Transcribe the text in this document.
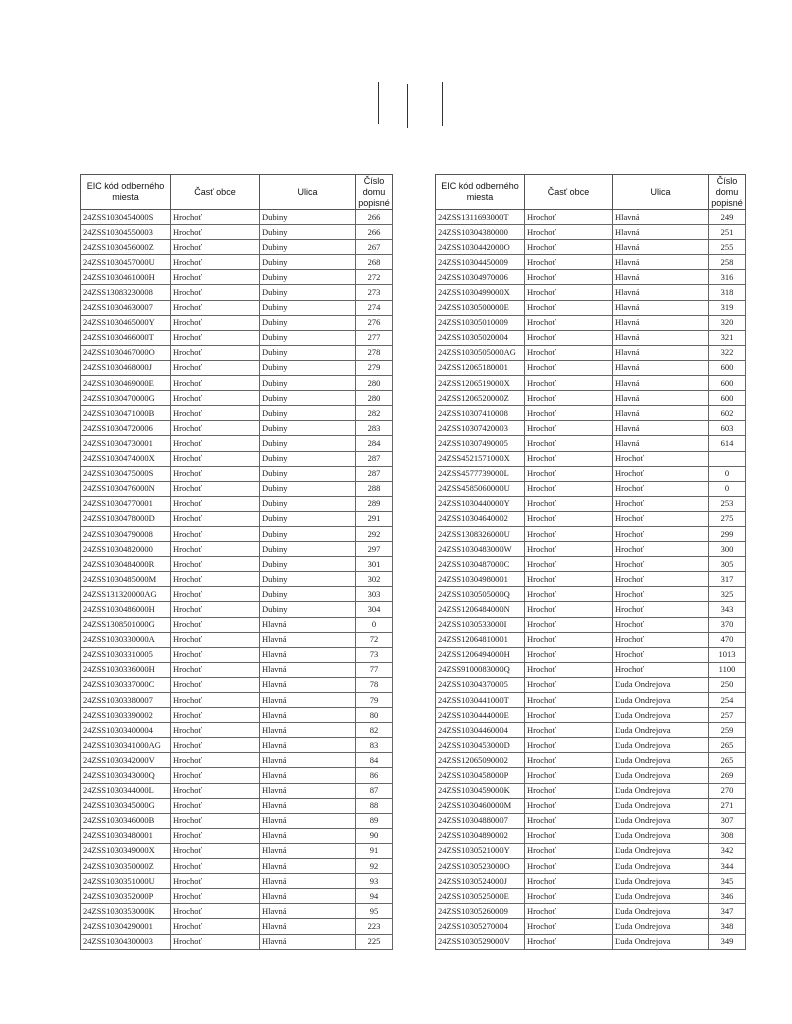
EIC kód odberného miesta	Časť obce	Ulica	Číslo domu popisné
24ZSS1030454000S	Hrochoť	Dubiny	266
24ZSS10304550003	Hrochoť	Dubiny	266
24ZSS1030456000Z	Hrochoť	Dubiny	267
24ZSS1030457000U	Hrochoť	Dubiny	268
24ZSS1030461000H	Hrochoť	Dubiny	272
24ZSS13083230008	Hrochoť	Dubiny	273
24ZSS10304630007	Hrochoť	Dubiny	274
24ZSS1030465000Y	Hrochoť	Dubiny	276
24ZSS1030466000T	Hrochoť	Dubiny	277
24ZSS1030467000O	Hrochoť	Dubiny	278
24ZSS1030468000J	Hrochoť	Dubiny	279
24ZSS1030469000E	Hrochoť	Dubiny	280
24ZSS1030470000G	Hrochoť	Dubiny	280
24ZSS1030471000B	Hrochoť	Dubiny	282
24ZSS10304720006	Hrochoť	Dubiny	283
24ZSS10304730001	Hrochoť	Dubiny	284
24ZSS1030474000X	Hrochoť	Dubiny	287
24ZSS1030475000S	Hrochoť	Dubiny	287
24ZSS1030476000N	Hrochoť	Dubiny	288
24ZSS10304770001	Hrochoť	Dubiny	289
24ZSS1030478000D	Hrochoť	Dubiny	291
24ZSS10304790008	Hrochoť	Dubiny	292
24ZSS10304820000	Hrochoť	Dubiny	297
24ZSS1030484000R	Hrochoť	Dubiny	301
24ZSS1030485000M	Hrochoť	Dubiny	302
24ZSS131320000AG	Hrochoť	Dubiny	303
24ZSS1030486000H	Hrochoť	Dubiny	304
24ZSS1308501000G	Hrochoť	Hlavná	0
24ZSS1030330000A	Hrochoť	Hlavná	72
24ZSS10303310005	Hrochoť	Hlavná	73
24ZSS1030336000H	Hrochoť	Hlavná	77
24ZSS1030337000C	Hrochoť	Hlavná	78
24ZSS10303380007	Hrochoť	Hlavná	79
24ZSS10303390002	Hrochoť	Hlavná	80
24ZSS10303400004	Hrochoť	Hlavná	82
24ZSS1030341000AG	Hrochoť	Hlavná	83
24ZSS1030342000V	Hrochoť	Hlavná	84
24ZSS1030343000Q	Hrochoť	Hlavná	86
24ZSS1030344000L	Hrochoť	Hlavná	87
24ZSS1030345000G	Hrochoť	Hlavná	88
24ZSS1030346000B	Hrochoť	Hlavná	89
24ZSS10303480001	Hrochoť	Hlavná	90
24ZSS1030349000X	Hrochoť	Hlavná	91
24ZSS1030350000Z	Hrochoť	Hlavná	92
24ZSS1030351000U	Hrochoť	Hlavná	93
24ZSS1030352000P	Hrochoť	Hlavná	94
24ZSS1030353000K	Hrochoť	Hlavná	95
24ZSS10304290001	Hrochoť	Hlavná	223
24ZSS10304300003	Hrochoť	Hlavná	225
EIC kód odberného miesta	Časť obce	Ulica	Číslo domu popisné
24ZSS1311693000T	Hrochoť	Hlavná	249
24ZSS10304380000	Hrochoť	Hlavná	251
24ZSS1030442000O	Hrochoť	Hlavná	255
24ZSS10304450009	Hrochoť	Hlavná	258
24ZSS10304970006	Hrochoť	Hlavná	316
24ZSS1030499000X	Hrochoť	Hlavná	318
24ZSS1030500000E	Hrochoť	Hlavná	319
24ZSS10305010009	Hrochoť	Hlavná	320
24ZSS10305020004	Hrochoť	Hlavná	321
24ZSS1030505000AG	Hrochoť	Hlavná	322
24ZSS12065180001	Hrochoť	Hlavná	600
24ZSS1206519000X	Hrochoť	Hlavná	600
24ZSS1206520000Z	Hrochoť	Hlavná	600
24ZSS10307410008	Hrochoť	Hlavná	602
24ZSS10307420003	Hrochoť	Hlavná	603
24ZSS10307490005	Hrochoť	Hlavná	614
24ZSS4521571000X	Hrochoť	Hrochoť	
24ZSS4577739000L	Hrochoť	Hrochoť	0
24ZSS4585060000U	Hrochoť	Hrochoť	0
24ZSS1030440000Y	Hrochoť	Hrochoť	253
24ZSS10304640002	Hrochoť	Hrochoť	275
24ZSS1308326000U	Hrochoť	Hrochoť	299
24ZSS1030483000W	Hrochoť	Hrochoť	300
24ZSS1030487000C	Hrochoť	Hrochoť	305
24ZSS10304980001	Hrochoť	Hrochoť	317
24ZSS1030505000Q	Hrochoť	Hrochoť	325
24ZSS1206484000N	Hrochoť	Hrochoť	343
24ZSS1030533000I	Hrochoť	Hrochoť	370
24ZSS12064810001	Hrochoť	Hrochoť	470
24ZSS1206494000H	Hrochoť	Hrochoť	1013
24ZSS9100083000Q	Hrochoť	Hrochoť	1100
24ZSS10304370005	Hrochoť	Ľuda Ondrejova	250
24ZSS1030441000T	Hrochoť	Ľuda Ondrejova	254
24ZSS1030444000E	Hrochoť	Ľuda Ondrejova	257
24ZSS10304460004	Hrochoť	Ľuda Ondrejova	259
24ZSS1030453000D	Hrochoť	Ľuda Ondrejova	265
24ZSS12065090002	Hrochoť	Ľuda Ondrejova	265
24ZSS1030458000P	Hrochoť	Ľuda Ondrejova	269
24ZSS1030459000K	Hrochoť	Ľuda Ondrejova	270
24ZSS1030460000M	Hrochoť	Ľuda Ondrejova	271
24ZSS10304880007	Hrochoť	Ľuda Ondrejova	307
24ZSS10304890002	Hrochoť	Ľuda Ondrejova	308
24ZSS1030521000Y	Hrochoť	Ľuda Ondrejova	342
24ZSS1030523000O	Hrochoť	Ľuda Ondrejova	344
24ZSS1030524000J	Hrochoť	Ľuda Ondrejova	345
24ZSS1030525000E	Hrochoť	Ľuda Ondrejova	346
24ZSS10305260009	Hrochoť	Ľuda Ondrejova	347
24ZSS10305270004	Hrochoť	Ľuda Ondrejova	348
24ZSS1030529000V	Hrochoť	Ľuda Ondrejova	349
